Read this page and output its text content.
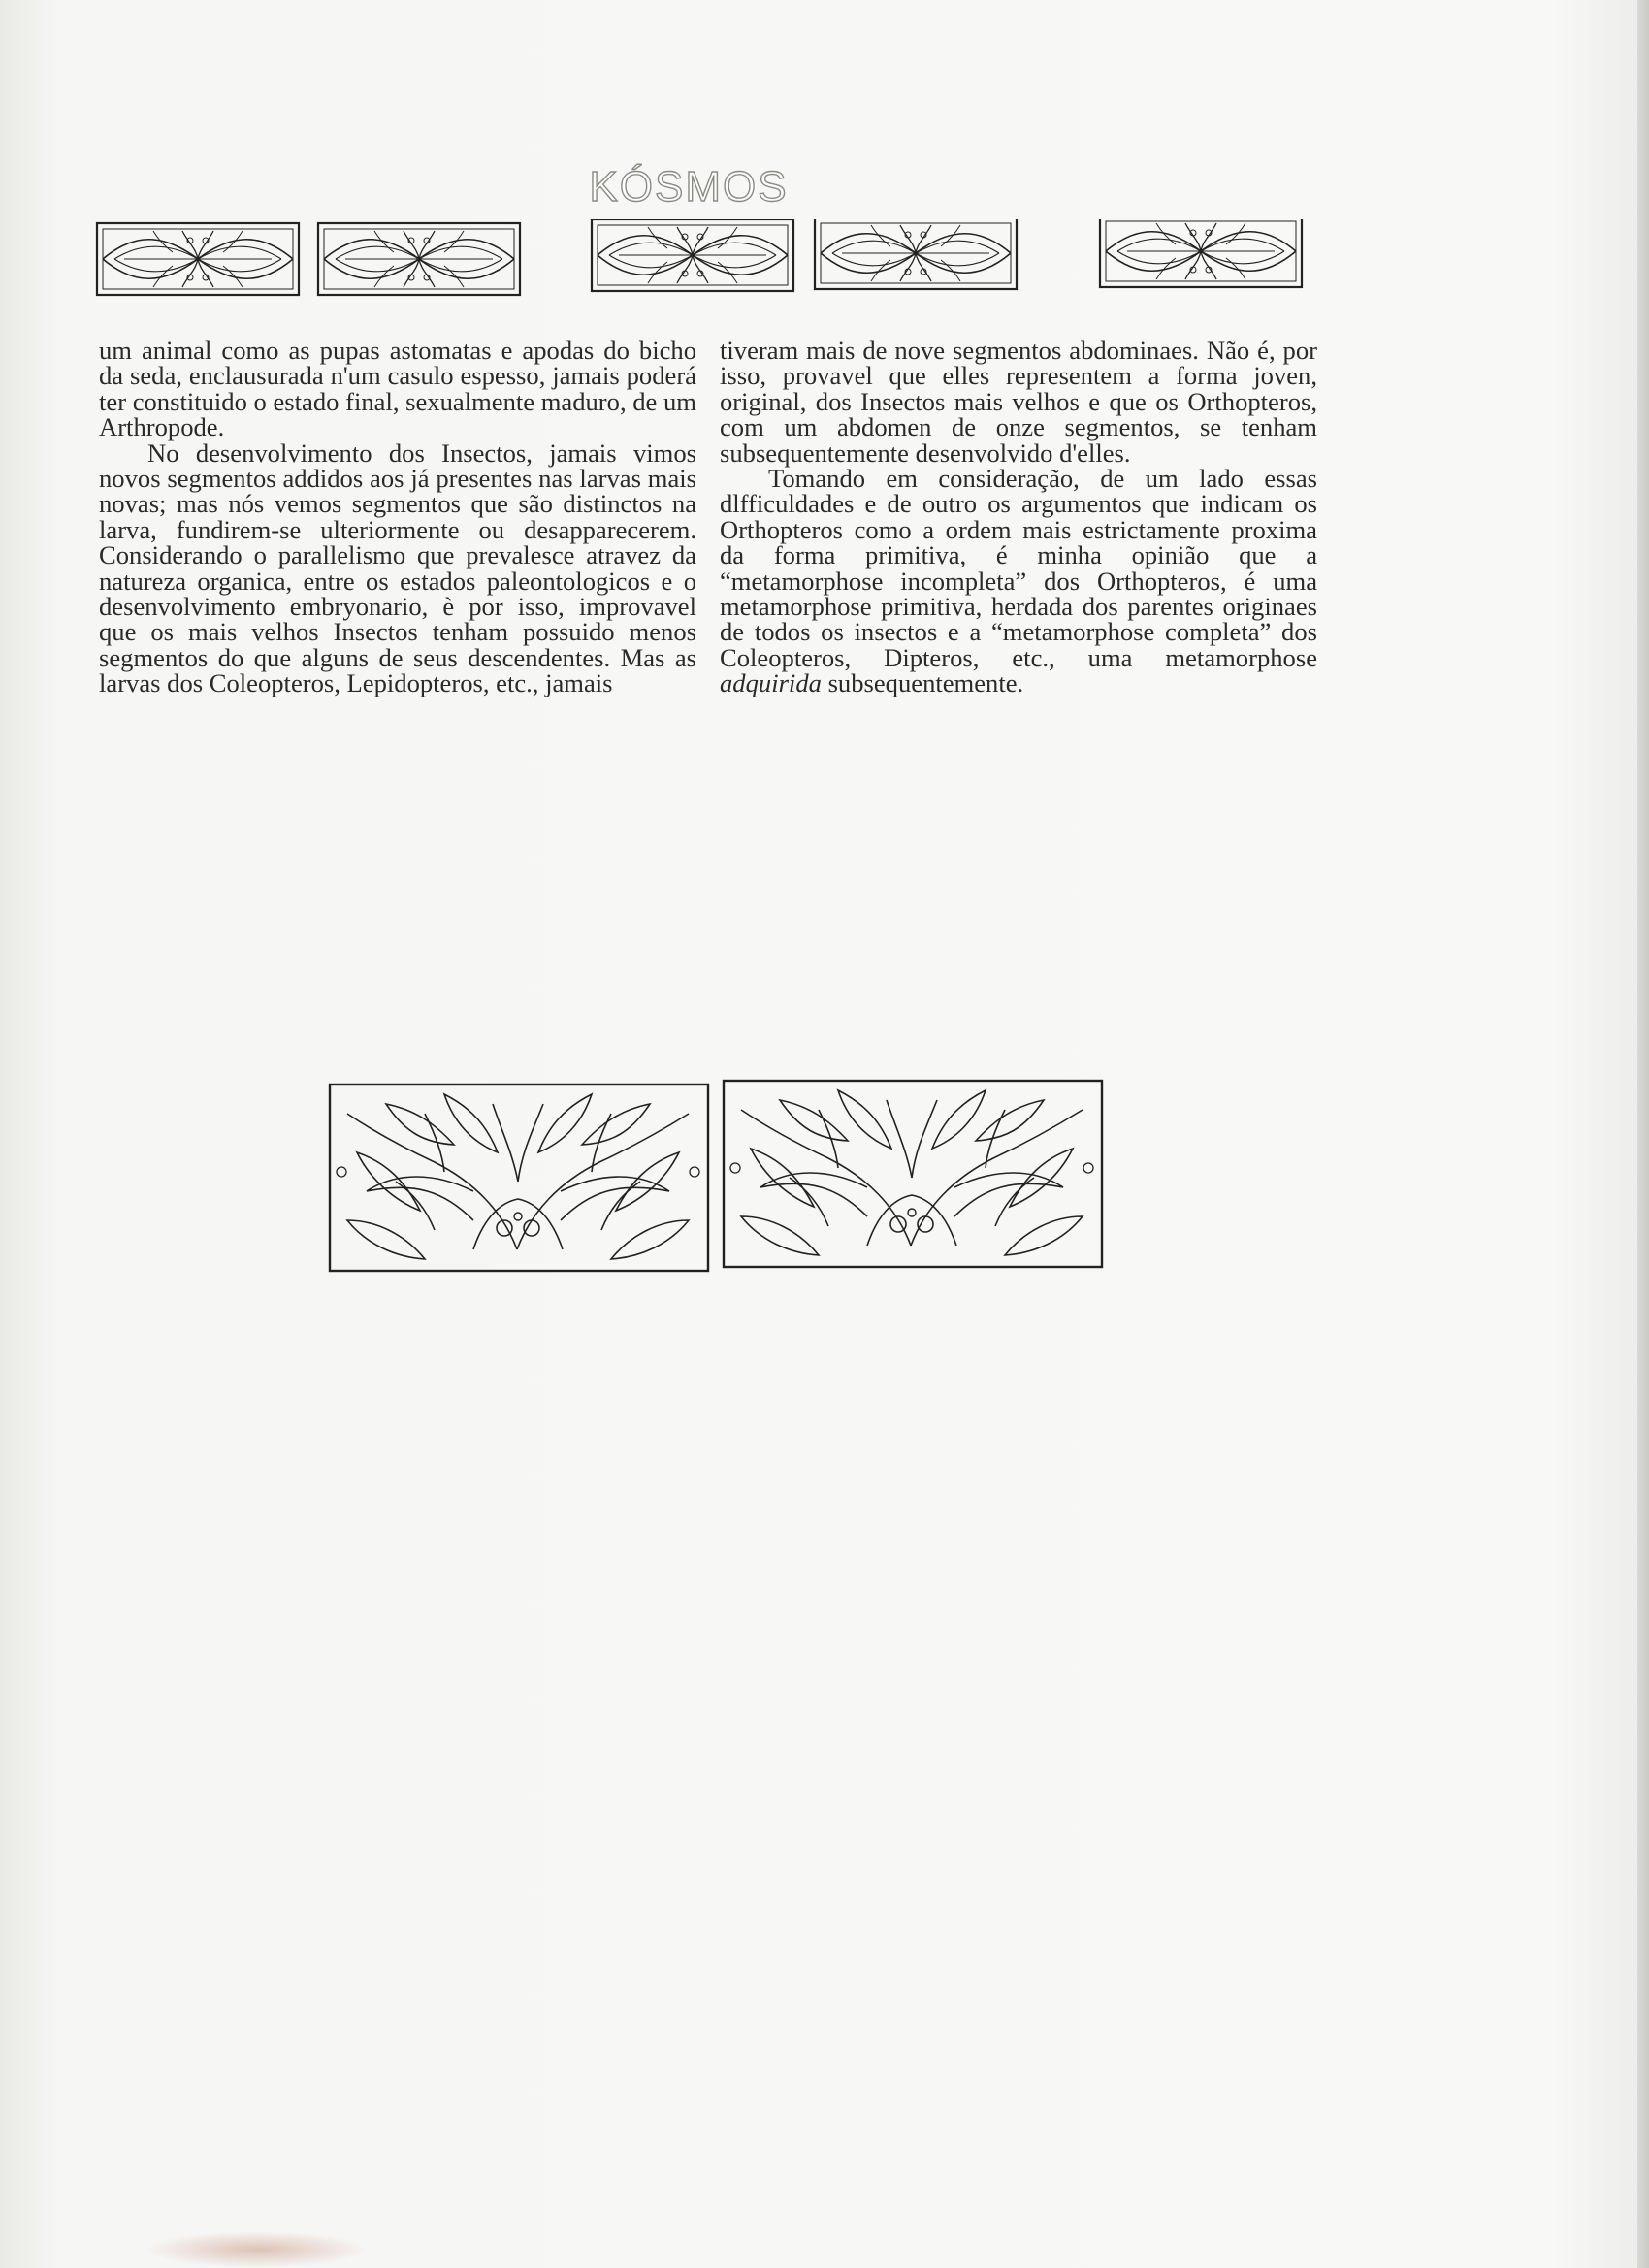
KÓSMOS

um animal como as pupas astomatas e apodas do bicho da seda, enclausurada n'um casulo espesso, jamais poderá ter constituido o estado final, sexualmente maduro, de um Arthropode.

No desenvolvimento dos Insectos, jamais vimos novos segmentos addidos aos já presentes nas larvas mais novas; mas nós vemos segmentos que são distinctos na larva, fundirem-se ulteriormente ou desapparecerem. Considerando o parallelismo que prevalesce atravez da natureza organica, entre os estados paleontologicos e o desenvolvimento embryonario, è por isso, improvavel que os mais velhos Insectos tenham possuido menos segmentos do que alguns de seus descendentes. Mas as larvas dos Coleopteros, Lepidopteros, etc., jamais

tiveram mais de nove segmentos abdominaes. Não é, por isso, provavel que elles representem a forma joven, original, dos Insectos mais velhos e que os Orthopteros, com um abdomen de onze segmentos, se tenham subsequentemente desenvolvido d'elles.

Tomando em consideração, de um lado essas dlfficuldades e de outro os argumentos que indicam os Orthopteros como a ordem mais estrictamente proxima da forma primitiva, é minha opinião que a “metamorphose incompleta” dos Orthopteros, é uma metamorphose primitiva, herdada dos parentes originaes de todos os insectos e a “metamorphose completa” dos Coleopteros, Dipteros, etc., uma metamorphose adquirida subsequentemente.
